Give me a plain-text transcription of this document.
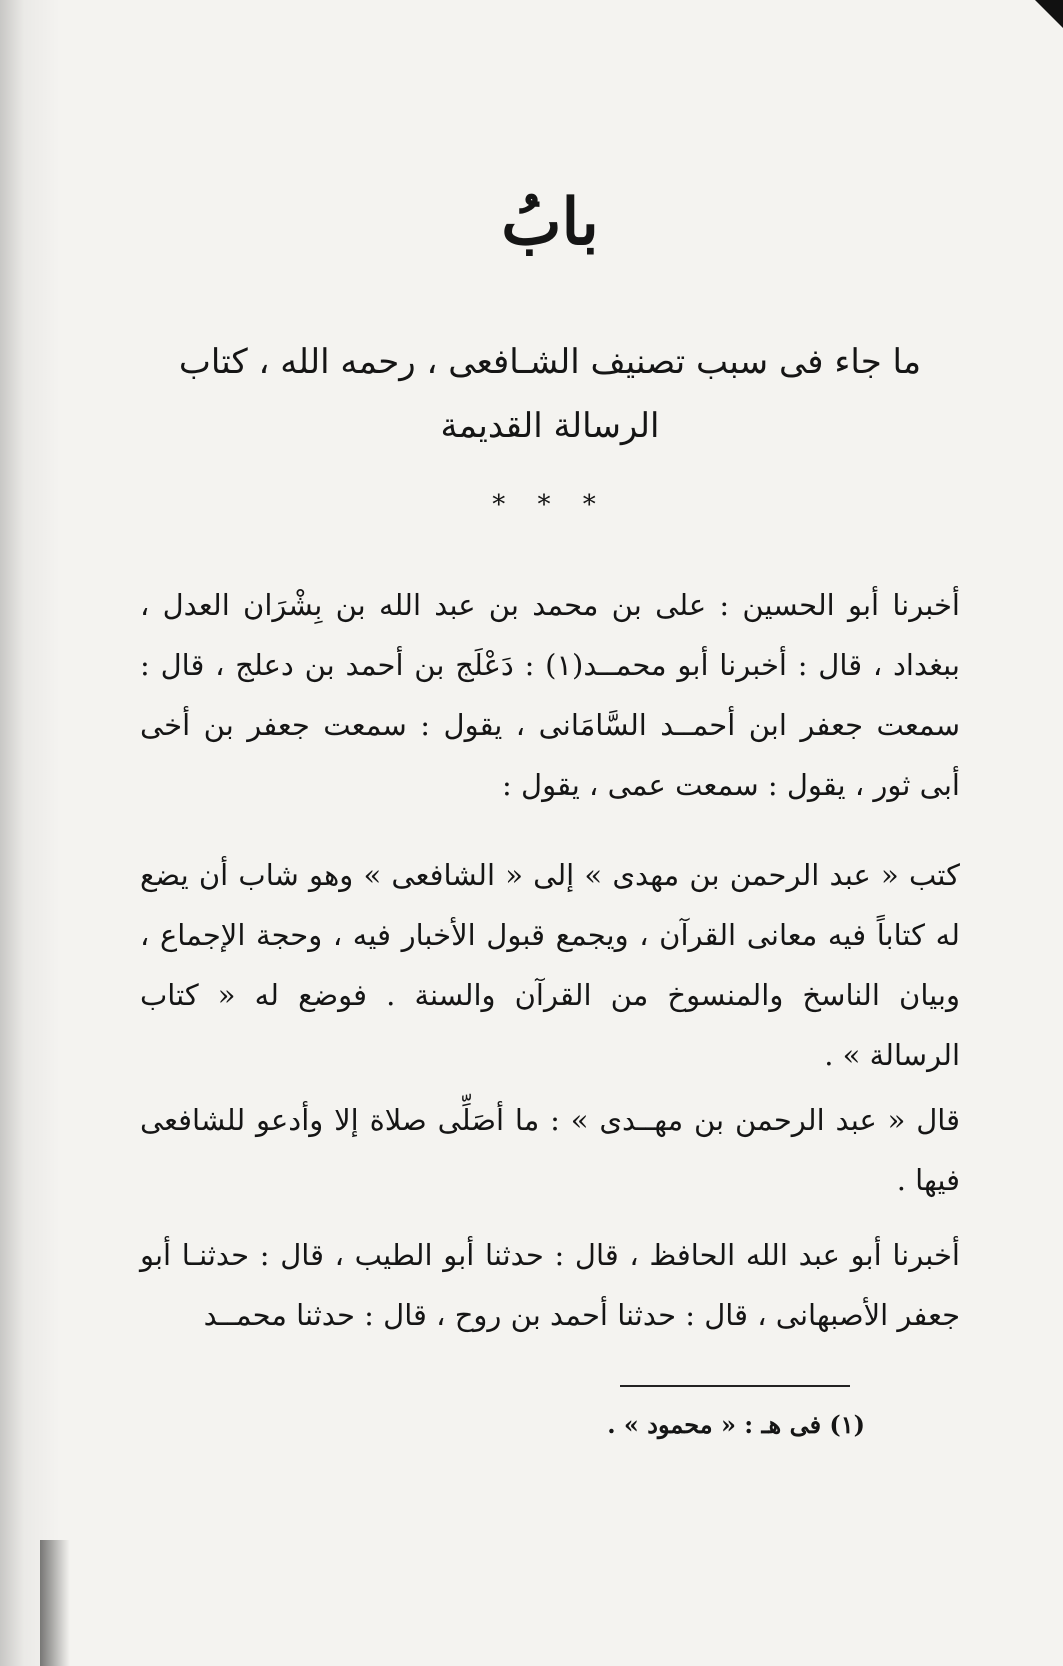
بابُ
ما جاء فى سبب تصنيف الشـافعى ، رحمه الله ، كتاب
الرسالة القديمة
* * *
أخبرنا أبو الحسين : على بن محمد بن عبد الله بن بِشْرَان العدل ، ببغداد ، قال : أخبرنا أبو محمــد(١) : دَعْلَج بن أحمد بن دعلج ، قال : سمعت جعفر ابن أحمــد السَّامَانى ، يقول : سمعت جعفر بن أخى أبى ثور ، يقول : سمعت عمى ، يقول :
كتب « عبد الرحمن بن مهدى » إلى « الشافعى » وهو شاب أن يضع له كتاباً فيه معانى القرآن ، ويجمع قبول الأخبار فيه ، وحجة الإجماع ، وبيان الناسخ والمنسوخ من القرآن والسنة . فوضع له « كتاب الرسالة » .
قال « عبد الرحمن بن مهــدى » : ما أصَلِّى صلاة إلا وأدعو للشافعى فيها .
أخبرنا أبو عبد الله الحافظ ، قال : حدثنا أبو الطيب ، قال : حدثنـا أبو جعفر الأصبهانى ، قال : حدثنا أحمد بن روح ، قال : حدثنا محمــد
(١) فى هـ : « محمود » .
